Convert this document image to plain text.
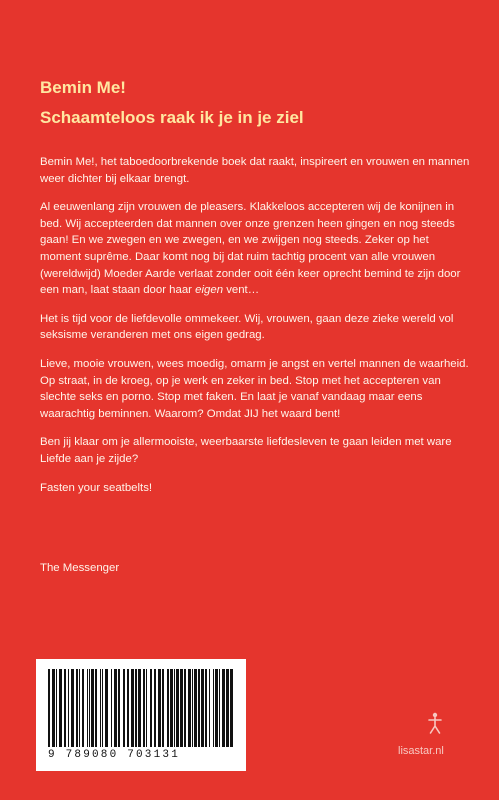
Bemin Me!
Schaamteloos raak ik je in je ziel

Bemin Me!, het taboedoorbrekende boek dat raakt, inspireert en vrouwen en mannen weer dichter bij elkaar brengt.

Al eeuwenlang zijn vrouwen de pleasers. Klakkeloos accepteren wij de konijnen in bed. Wij accepteerden dat mannen over onze grenzen heen gingen en nog steeds gaan! En we zwegen en we zwegen, en we zwijgen nog steeds. Zeker op het moment suprême. Daar komt nog bij dat ruim tachtig procent van alle vrouwen (wereldwijd) Moeder Aarde verlaat zonder ooit één keer oprecht bemind te zijn door een man, laat staan door haar eigen vent…

Het is tijd voor de liefdevolle ommekeer. Wij, vrouwen, gaan deze zieke wereld vol seksisme veranderen met ons eigen gedrag.

Lieve, mooie vrouwen, wees moedig, omarm je angst en vertel mannen de waarheid. Op straat, in de kroeg, op je werk en zeker in bed. Stop met het accepteren van slechte seks en porno. Stop met faken. En laat je vanaf vandaag maar eens waarachtig beminnen. Waarom? Omdat JIJ het waard bent!

Ben jij klaar om je allermooiste, weerbaarste liefdesleven te gaan leiden met ware Liefde aan je zijde?

Fasten your seatbelts!

The Messenger

9 789080 703131	lisastar.nl
